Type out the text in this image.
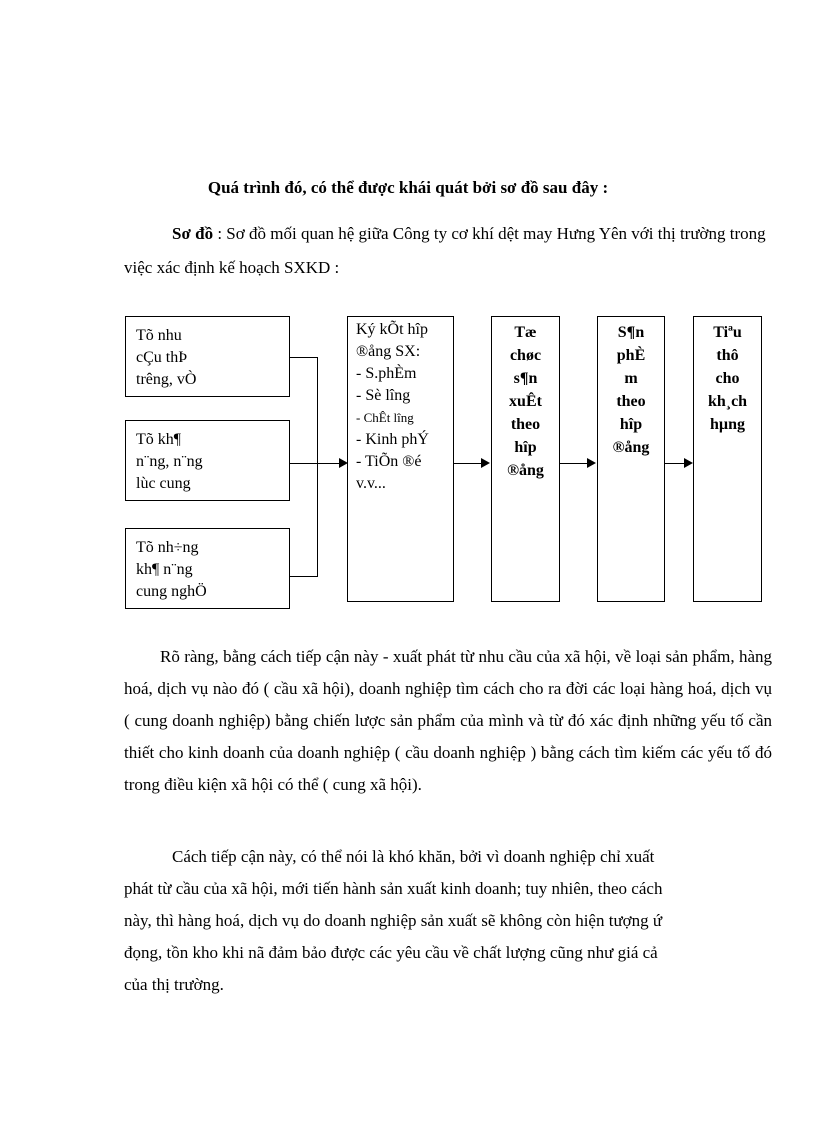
Quá trình đó, có thể được khái quát bởi sơ đồ sau đây :
Sơ đồ : Sơ đồ mối quan hệ giữa Công ty cơ khí dệt may Hưng Yên với thị trường trong việc xác định kế hoạch SXKD :
Tõ nhu
cÇu thÞ
trêng, vÒ
Tõ kh¶
n¨ng, n¨ng
lùc cung
Tõ nh÷ng
kh¶ n¨ng
cung nghÖ
Ký kÕt hîp
®ång SX:
- S.phÈm
- Sè lîng
- ChÊt lîng
- Kinh phÝ
- TiÕn ®é
v.v...
Tæ
chøc
s¶n
xuÊt
theo
hîp
®ång
S¶n
phÈ
m
theo
hîp
®ång
Tiªu
thô
cho
kh¸ch
hµng

Rõ ràng, bằng cách tiếp cận này - xuất phát từ nhu cầu của xã hội, về loại sản phẩm, hàng hoá, dịch vụ nào đó ( cầu xã hội), doanh nghiệp tìm cách cho ra đời các loại hàng hoá, dịch vụ ( cung doanh nghiệp) bằng chiến lược sản phẩm của mình và từ đó xác định những yếu tố cần thiết cho kinh doanh của doanh nghiệp ( cầu doanh nghiệp ) bằng cách tìm kiếm các yếu tố đó trong điều kiện xã hội có thể ( cung xã hội).

Cách tiếp cận này, có thể nói là khó khăn, bởi vì doanh nghiệp chỉ xuất phát từ cầu của xã hội, mới tiến hành sản xuất kinh doanh; tuy nhiên, theo cách này, thì hàng hoá, dịch vụ do doanh nghiệp sản xuất sẽ không còn hiện tượng ứ đọng, tồn kho khi nã đảm bảo được các yêu cầu về chất lượng cũng như giá cả của thị trường.
